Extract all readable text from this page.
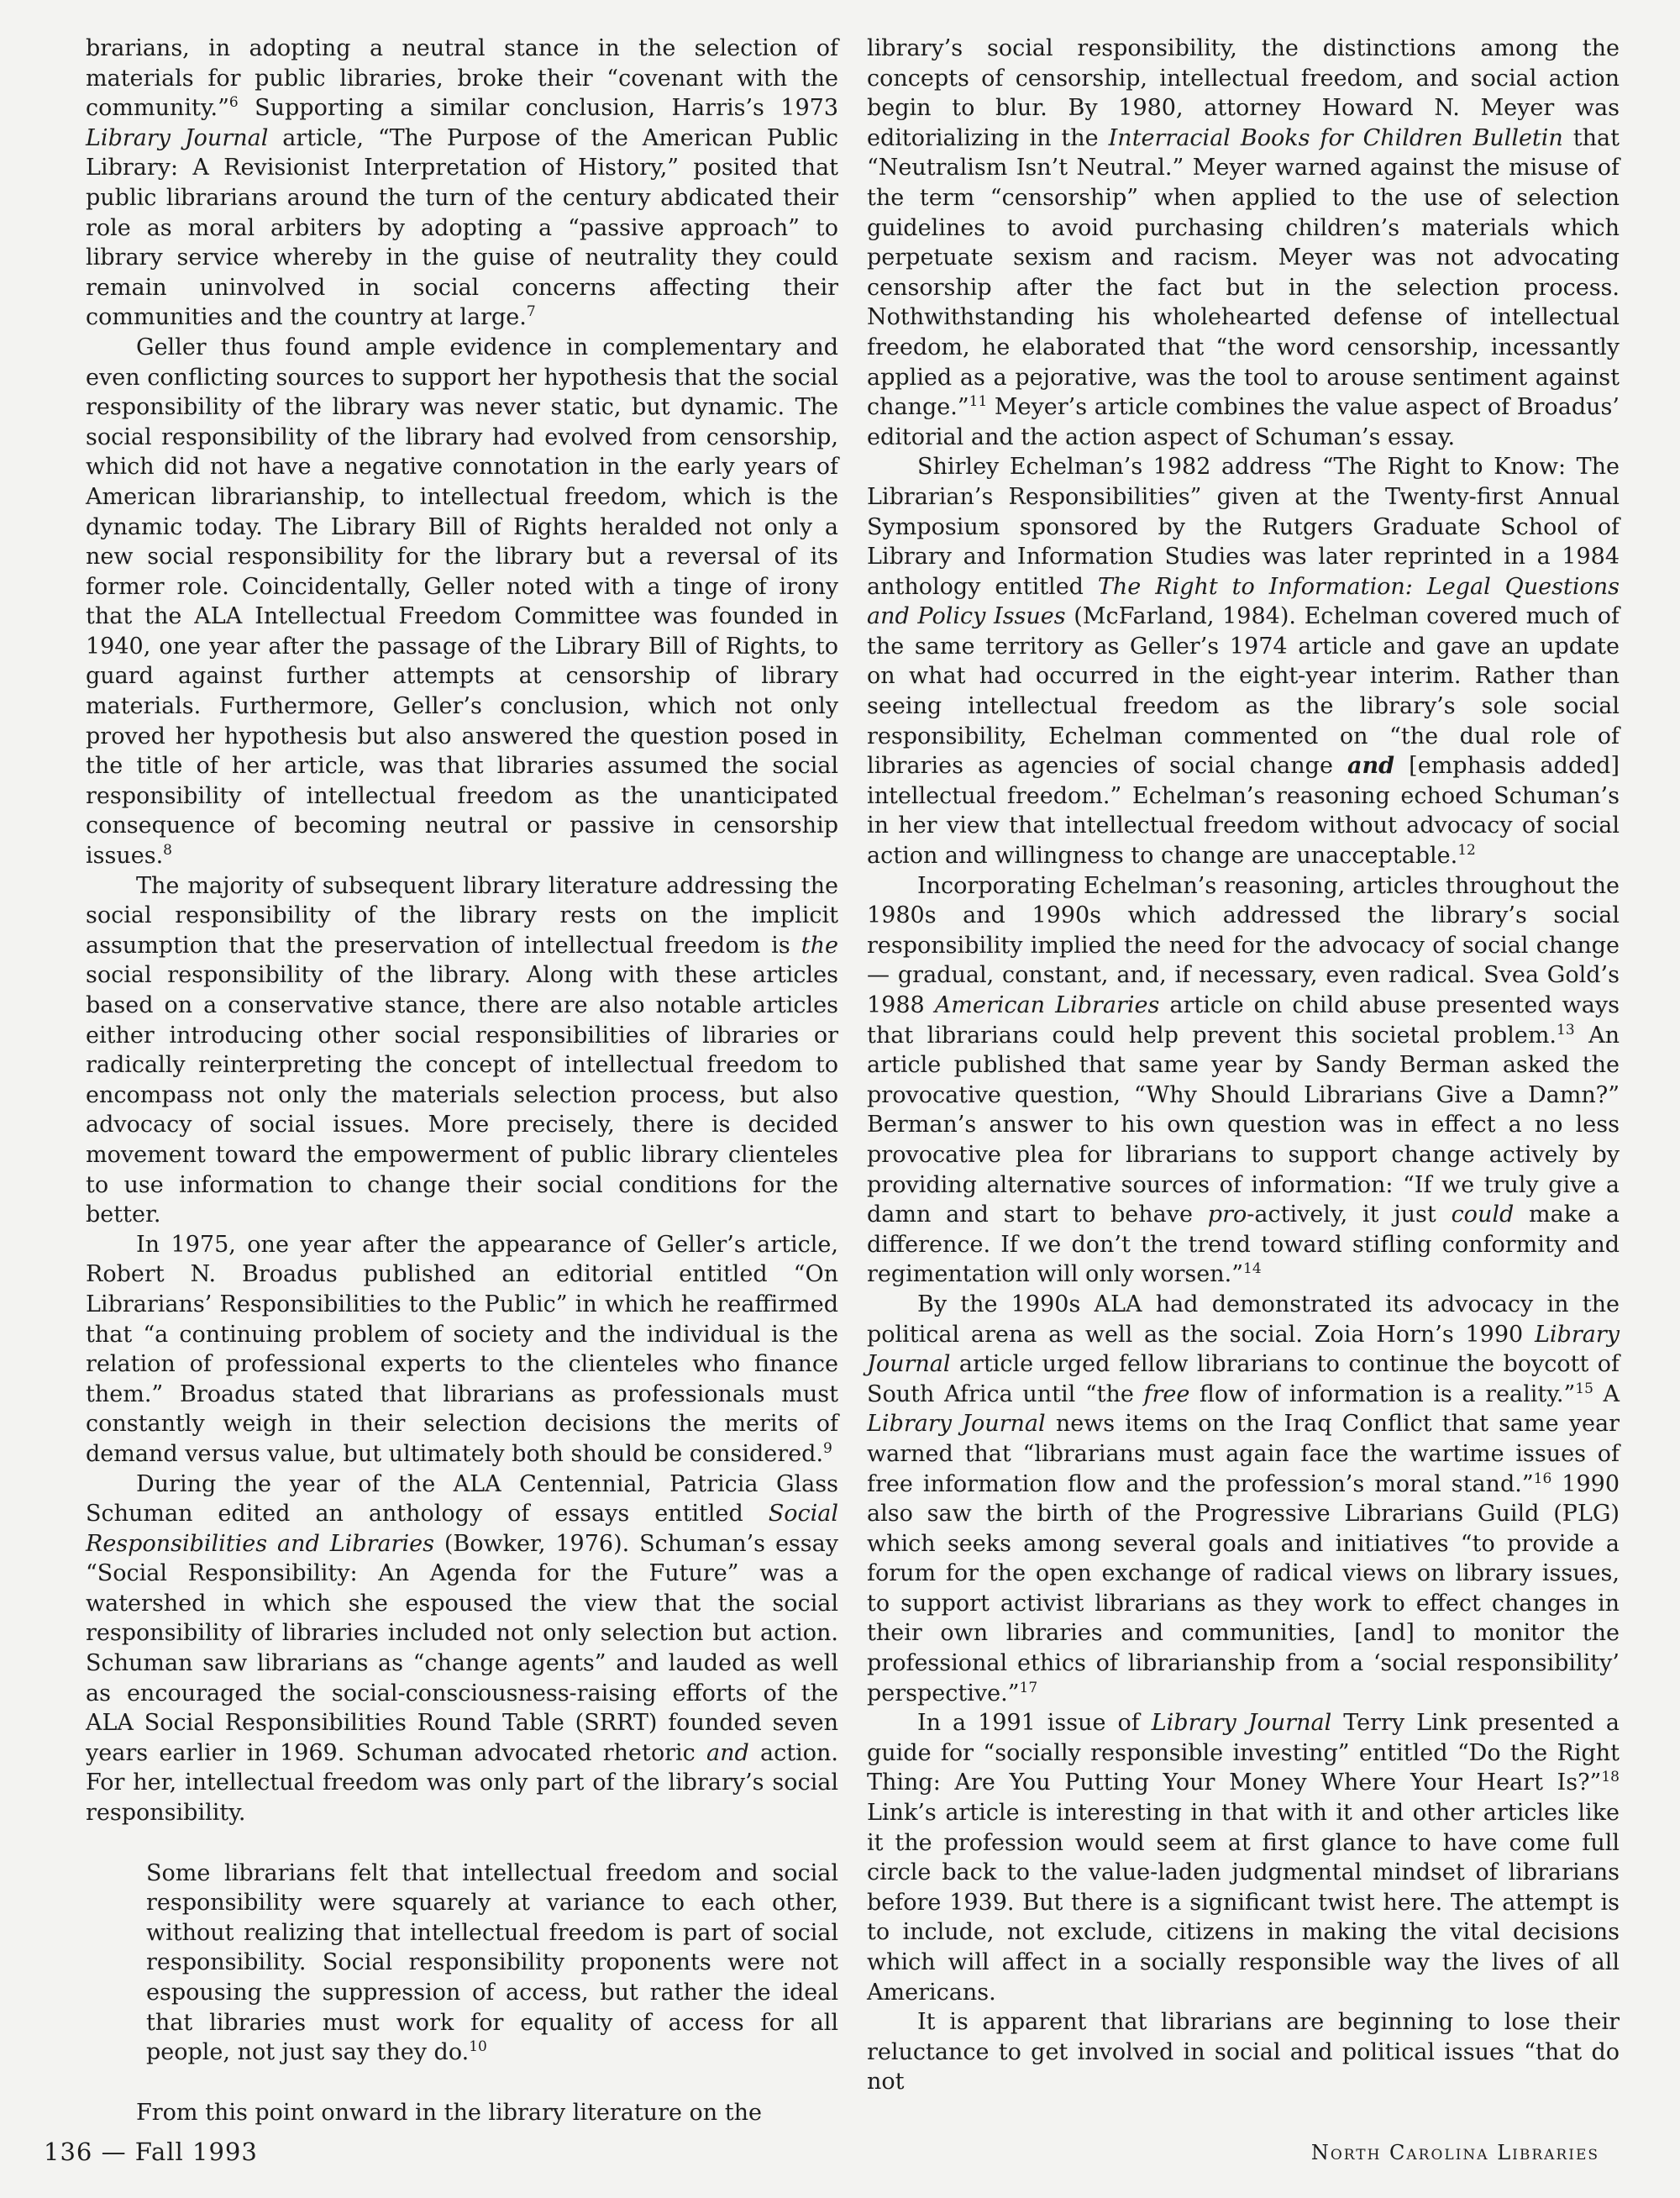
brarians, in adopting a neutral stance in the selection of materials for public libraries, broke their “covenant with the community.”$^6$ Supporting a similar conclusion, Harris’s 1973 Library Journal article, “The Purpose of the American Public Library: A Revisionist Interpretation of History,” posited that public librarians around the turn of the century abdicated their role as moral arbiters by adopting a “passive approach” to library service whereby in the guise of neutrality they could remain uninvolved in social concerns affecting their communities and the country at large.$^7$

Geller thus found ample evidence in complementary and even conflicting sources to support her hypothesis that the social responsibility of the library was never static, but dynamic. The social responsibility of the library had evolved from censorship, which did not have a negative connotation in the early years of American librarianship, to intellectual freedom, which is the dynamic today. The Library Bill of Rights heralded not only a new social responsibility for the library but a reversal of its former role. Coincidentally, Geller noted with a tinge of irony that the ALA Intellectual Freedom Committee was founded in 1940, one year after the passage of the Library Bill of Rights, to guard against further attempts at censorship of library materials. Furthermore, Geller’s conclusion, which not only proved her hypothesis but also answered the question posed in the title of her article, was that libraries assumed the social responsibility of intellectual freedom as the unanticipated consequence of becoming neutral or passive in censorship issues.$^8$

The majority of subsequent library literature addressing the social responsibility of the library rests on the implicit assumption that the preservation of intellectual freedom is the social responsibility of the library. Along with these articles based on a conservative stance, there are also notable articles either introducing other social responsibilities of libraries or radically reinterpreting the concept of intellectual freedom to encompass not only the materials selection process, but also advocacy of social issues. More precisely, there is decided movement toward the empowerment of public library clienteles to use information to change their social conditions for the better.

In 1975, one year after the appearance of Geller’s article, Robert N. Broadus published an editorial entitled “On Librarians’ Responsibilities to the Public” in which he reaffirmed that “a continuing problem of society and the individual is the relation of professional experts to the clienteles who finance them.” Broadus stated that librarians as professionals must constantly weigh in their selection decisions the merits of demand versus value, but ultimately both should be considered.$^9$

During the year of the ALA Centennial, Patricia Glass Schuman edited an anthology of essays entitled Social Responsibilities and Libraries (Bowker, 1976). Schuman’s essay “Social Responsibility: An Agenda for the Future” was a watershed in which she espoused the view that the social responsibility of libraries included not only selection but action. Schuman saw librarians as “change agents” and lauded as well as encouraged the social-consciousness-raising efforts of the ALA Social Responsibilities Round Table (SRRT) founded seven years earlier in 1969. Schuman advocated rhetoric and action. For her, intellectual freedom was only part of the library’s social responsibility.

Some librarians felt that intellectual freedom and social responsibility were squarely at variance to each other, without realizing that intellectual freedom is part of social responsibility. Social responsibility proponents were not espousing the suppression of access, but rather the ideal that libraries must work for equality of access for all people, not just say they do.$^{10}$

From this point onward in the library literature on the

library’s social responsibility, the distinctions among the concepts of censorship, intellectual freedom, and social action begin to blur. By 1980, attorney Howard N. Meyer was editorializing in the Interracial Books for Children Bulletin that “Neutralism Isn’t Neutral.” Meyer warned against the misuse of the term “censorship” when applied to the use of selection guidelines to avoid purchasing children’s materials which perpetuate sexism and racism. Meyer was not advocating censorship after the fact but in the selection process. Nothwithstanding his wholehearted defense of intellectual freedom, he elaborated that “the word censorship, incessantly applied as a pejorative, was the tool to arouse sentiment against change.”$^{11}$ Meyer’s article combines the value aspect of Broadus’ editorial and the action aspect of Schuman’s essay.

Shirley Echelman’s 1982 address “The Right to Know: The Librarian’s Responsibilities” given at the Twenty-first Annual Symposium sponsored by the Rutgers Graduate School of Library and Information Studies was later reprinted in a 1984 anthology entitled The Right to Information: Legal Questions and Policy Issues (McFarland, 1984). Echelman covered much of the same territory as Geller’s 1974 article and gave an update on what had occurred in the eight-year interim. Rather than seeing intellectual freedom as the library’s sole social responsibility, Echelman commented on “the dual role of libraries as agencies of social change and [emphasis added] intellectual freedom.” Echelman’s reasoning echoed Schuman’s in her view that intellectual freedom without advocacy of social action and willingness to change are unacceptable.$^{12}$

Incorporating Echelman’s reasoning, articles throughout the 1980s and 1990s which addressed the library’s social responsibility implied the need for the advocacy of social change — gradual, constant, and, if necessary, even radical. Svea Gold’s 1988 American Libraries article on child abuse presented ways that librarians could help prevent this societal problem.$^{13}$ An article published that same year by Sandy Berman asked the provocative question, “Why Should Librarians Give a Damn?” Berman’s answer to his own question was in effect a no less provocative plea for librarians to support change actively by providing alternative sources of information: “If we truly give a damn and start to behave pro-actively, it just could make a difference. If we don’t the trend toward stifling conformity and regimentation will only worsen.”$^{14}$

By the 1990s ALA had demonstrated its advocacy in the political arena as well as the social. Zoia Horn’s 1990 Library Journal article urged fellow librarians to continue the boycott of South Africa until “the free flow of information is a reality.”$^{15}$ A Library Journal news items on the Iraq Conflict that same year warned that “librarians must again face the wartime issues of free information flow and the profession’s moral stand.”$^{16}$ 1990 also saw the birth of the Progressive Librarians Guild (PLG) which seeks among several goals and initiatives “to provide a forum for the open exchange of radical views on library issues, to support activist librarians as they work to effect changes in their own libraries and communities, [and] to monitor the professional ethics of librarianship from a ‘social responsibility’ perspective.”$^{17}$

In a 1991 issue of Library Journal Terry Link presented a guide for “socially responsible investing” entitled “Do the Right Thing: Are You Putting Your Money Where Your Heart Is?”$^{18}$ Link’s article is interesting in that with it and other articles like it the profession would seem at first glance to have come full circle back to the value-laden judgmental mindset of librarians before 1939. But there is a significant twist here. The attempt is to include, not exclude, citizens in making the vital decisions which will affect in a socially responsible way the lives of all Americans.

It is apparent that librarians are beginning to lose their reluctance to get involved in social and political issues “that do not

136 — Fall 1993	North Carolina Libraries
